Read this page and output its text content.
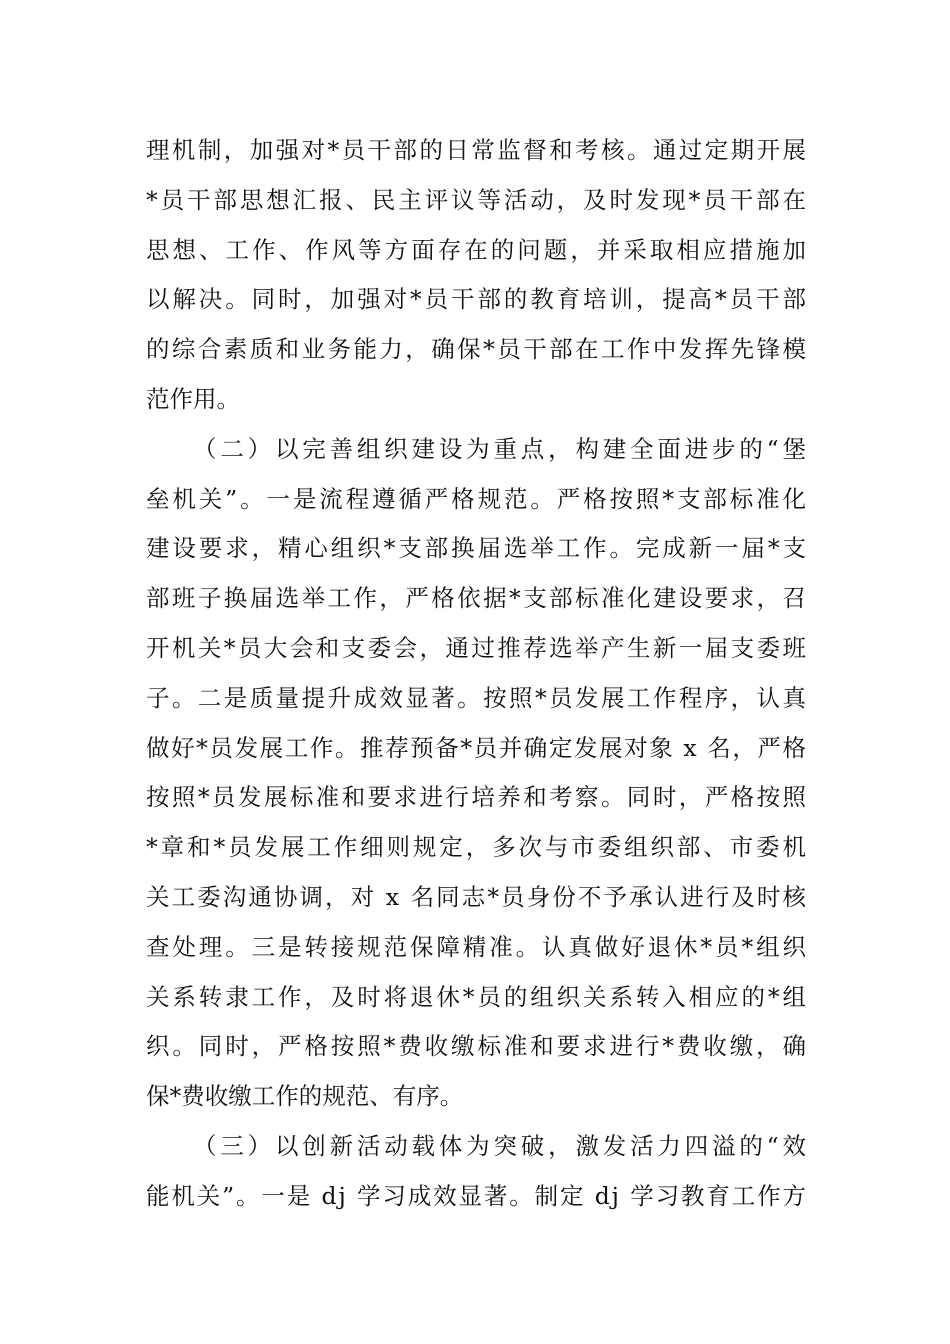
理机制，加强对*员干部的日常监督和考核。通过定期开展
*员干部思想汇报、民主评议等活动，及时发现*员干部在
思想、工作、作风等方面存在的问题，并采取相应措施加
以解决。同时，加强对*员干部的教育培训，提高*员干部
的综合素质和业务能力，确保*员干部在工作中发挥先锋模
范作用。
（二）以完善组织建设为重点，构建全面进步的“堡
垒机关”。一是流程遵循严格规范。严格按照*支部标准化
建设要求，精心组织*支部换届选举工作。完成新一届*支
部班子换届选举工作，严格依据*支部标准化建设要求，召
开机关*员大会和支委会，通过推荐选举产生新一届支委班
子。二是质量提升成效显著。按照*员发展工作程序，认真
做好*员发展工作。推荐预备*员并确定发展对象 x 名，严格
按照*员发展标准和要求进行培养和考察。同时，严格按照
*章和*员发展工作细则规定，多次与市委组织部、市委机
关工委沟通协调，对 x 名同志*员身份不予承认进行及时核
查处理。三是转接规范保障精准。认真做好退休*员*组织
关系转隶工作，及时将退休*员的组织关系转入相应的*组
织。同时，严格按照*费收缴标准和要求进行*费收缴，确
保*费收缴工作的规范、有序。
（三）以创新活动载体为突破，激发活力四溢的“效
能机关”。一是 dj 学习成效显著。制定 dj 学习教育工作方
